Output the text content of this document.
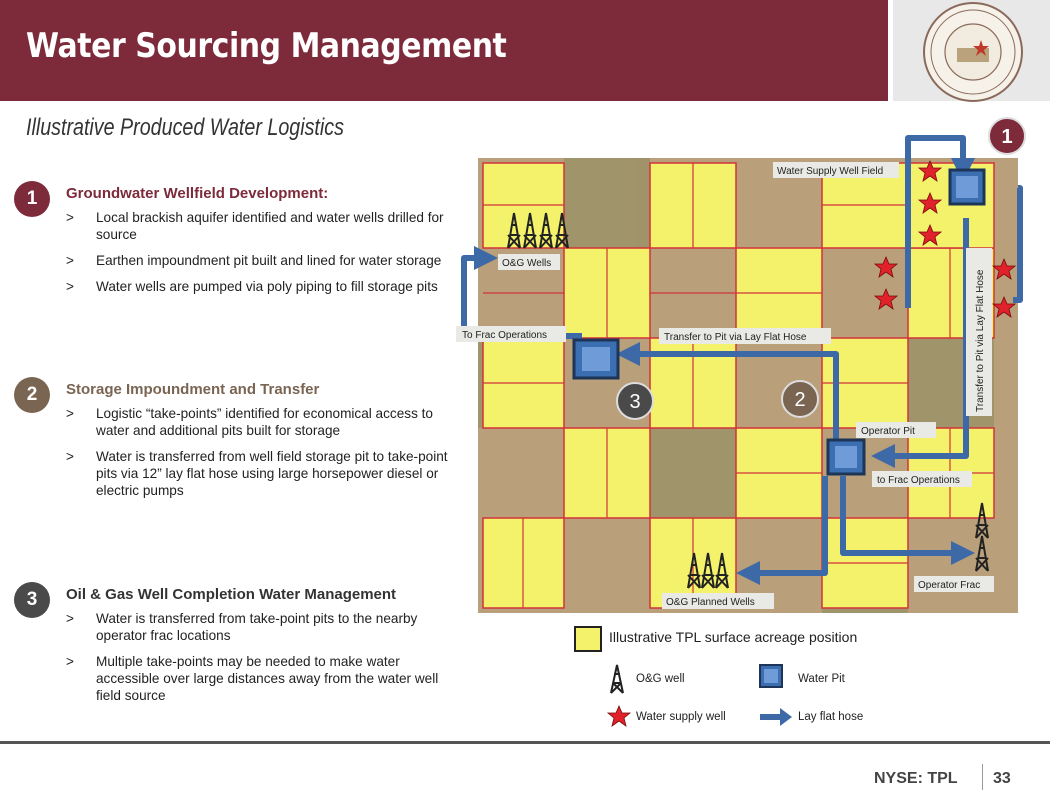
Water Sourcing Management
Illustrative Produced Water Logistics
1	Groundwater Wellfield Development:
> Local brackish aquifer identified and water wells drilled for source
> Earthen impoundment pit built and lined for water storage
> Water wells are pumped via poly piping to fill storage pits
2	Storage Impoundment and Transfer
> Logistic “take-points” identified for economical access to water and additional pits built for storage
> Water is transferred from well field storage pit to take-point pits via 12” lay flat hose using large horsepower diesel or electric pumps
3	Oil & Gas Well Completion Water Management
> Water is transferred from take-point pits to the nearby operator frac locations
> Multiple take-points may be needed to make water accessible over large distances away from the water well field source
1
2
3
Water Supply Well Field
O&G Wells
To Frac Operations	Transfer to Pit via Lay Flat Hose
Operator Pit
to Frac Operations
Operator Frac
O&G Planned Wells
Transfer to Pit via Lay Flat Hose
Illustrative TPL surface acreage position
O&G well	Water Pit
Water supply well	Lay flat hose
NYSE: TPL 33
